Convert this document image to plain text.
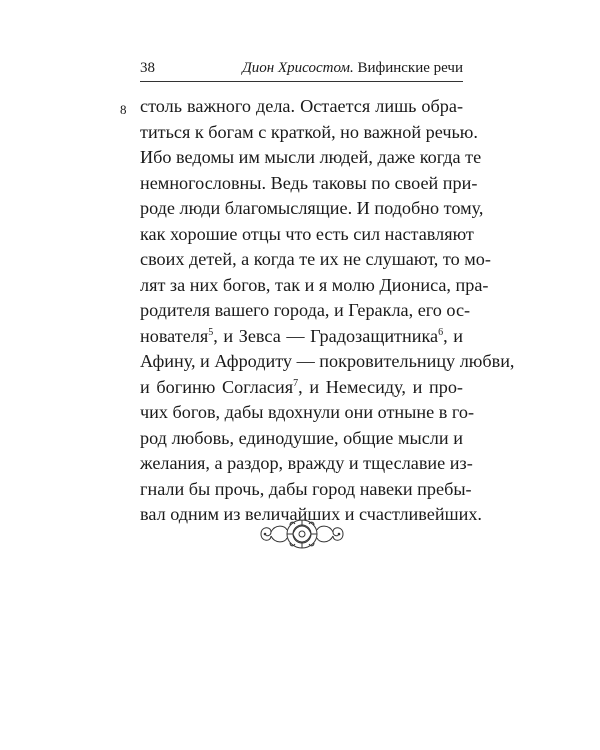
38	Дион Хрисостом. Вифинские речи
8 столь важного дела. Остается лишь обра-
титься к богам с краткой, но важной речью.
Ибо ведомы им мысли людей, даже когда те
немногословны. Ведь таковы по своей при-
роде люди благомыслящие. И подобно тому,
как хорошие отцы что есть сил наставляют
своих детей, а когда те их не слушают, то мо-
лят за них богов, так и я молю Диониса, пра-
родителя вашего города, и Геракла, его ос-
нователя$^5$, и Зевса — Градозащитника$^6$, и
Афину, и Афродиту — покровительницу любви,
и богиню Согласия$^7$, и Немесиду, и про-
чих богов, дабы вдохнули они отныне в го-
род любовь, единодушие, общие мысли и
желания, а раздор, вражду и тщеславие из-
гнали бы прочь, дабы город навеки пребы-
вал одним из величайших и счастливейших.
